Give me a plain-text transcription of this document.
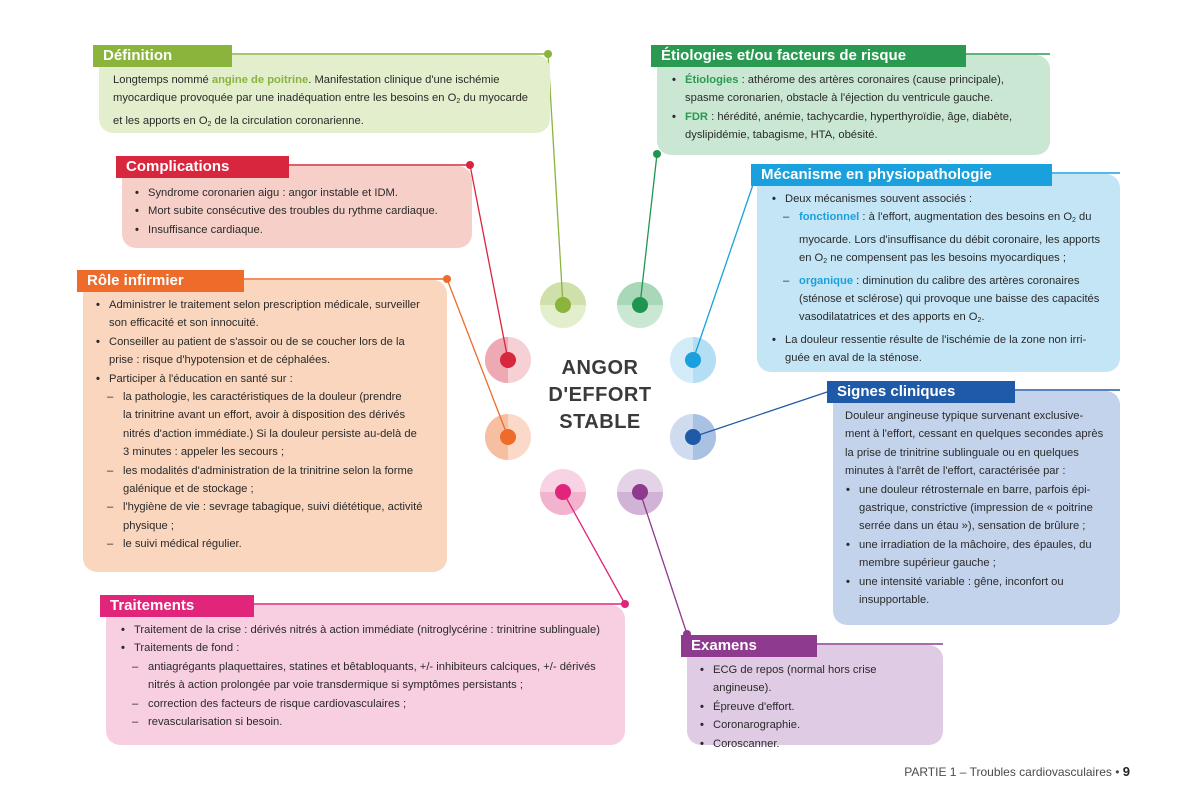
ANGOR
D'EFFORT
STABLE
Définition
Longtemps nommé angine de poitrine. Manifestation clinique d'une ischémie
myocardique provoquée par une inadéquation entre les besoins en $O_2$ du myocarde
et les apports en $O_2$ de la circulation coronarienne.
Étiologies et/ou facteurs de risque
• Étiologies : athérome des artères coronaires (cause principale),
spasme coronarien, obstacle à l'éjection du ventricule gauche.
• FDR : hérédité, anémie, tachycardie, hyperthyroïdie, âge, diabète,
dyslipidémie, tabagisme, HTA, obésité.
Complications
• Syndrome coronarien aigu : angor instable et IDM.
• Mort subite consécutive des troubles du rythme cardiaque.
• Insuffisance cardiaque.
Mécanisme en physiopathologie
• Deux mécanismes souvent associés :
– fonctionnel : à l'effort, augmentation des besoins en $O_2$ du
myocarde. Lors d'insuffisance du débit coronaire, les apports
en $O_2$ ne compensent pas les besoins myocardiques ;
– organique : diminution du calibre des artères coronaires
(sténose et sclérose) qui provoque une baisse des capacités
vasodilatatrices et des apports en $O_2$.
• La douleur ressentie résulte de l'ischémie de la zone non irri-
guée en aval de la sténose.
Rôle infirmier
• Administrer le traitement selon prescription médicale, surveiller
son efficacité et son innocuité.
• Conseiller au patient de s'assoir ou de se coucher lors de la
prise : risque d'hypotension et de céphalées.
• Participer à l'éducation en santé sur :
– la pathologie, les caractéristiques de la douleur (prendre
la trinitrine avant un effort, avoir à disposition des dérivés
nitrés d'action immédiate.) Si la douleur persiste au-delà de
3 minutes : appeler les secours ;
– les modalités d'administration de la trinitrine selon la forme
galénique et de stockage ;
– l'hygiène de vie : sevrage tabagique, suivi diététique, activité
physique ;
– le suivi médical régulier.
Signes cliniques
Douleur angineuse typique survenant exclusive-
ment à l'effort, cessant en quelques secondes après
la prise de trinitrine sublinguale ou en quelques
minutes à l'arrêt de l'effort, caractérisée par :
• une douleur rétrosternale en barre, parfois épi-
gastrique, constrictive (impression de « poitrine
serrée dans un étau »), sensation de brûlure ;
• une irradiation de la mâchoire, des épaules, du
membre supérieur gauche ;
• une intensité variable : gêne, inconfort ou
insupportable.
Traitements
• Traitement de la crise : dérivés nitrés à action immédiate (nitroglycérine : trinitrine sublinguale)
• Traitements de fond :
– antiagrégants plaquettaires, statines et bêtabloquants, +/- inhibiteurs calciques, +/- dérivés
nitrés à action prolongée par voie transdermique si symptômes persistants ;
– correction des facteurs de risque cardiovasculaires ;
– revascularisation si besoin.
Examens
• ECG de repos (normal hors crise angineuse).
• Épreuve d'effort.
• Coronarographie.
• Coroscanner.
PARTIE 1 – Troubles cardiovasculaires • 9
